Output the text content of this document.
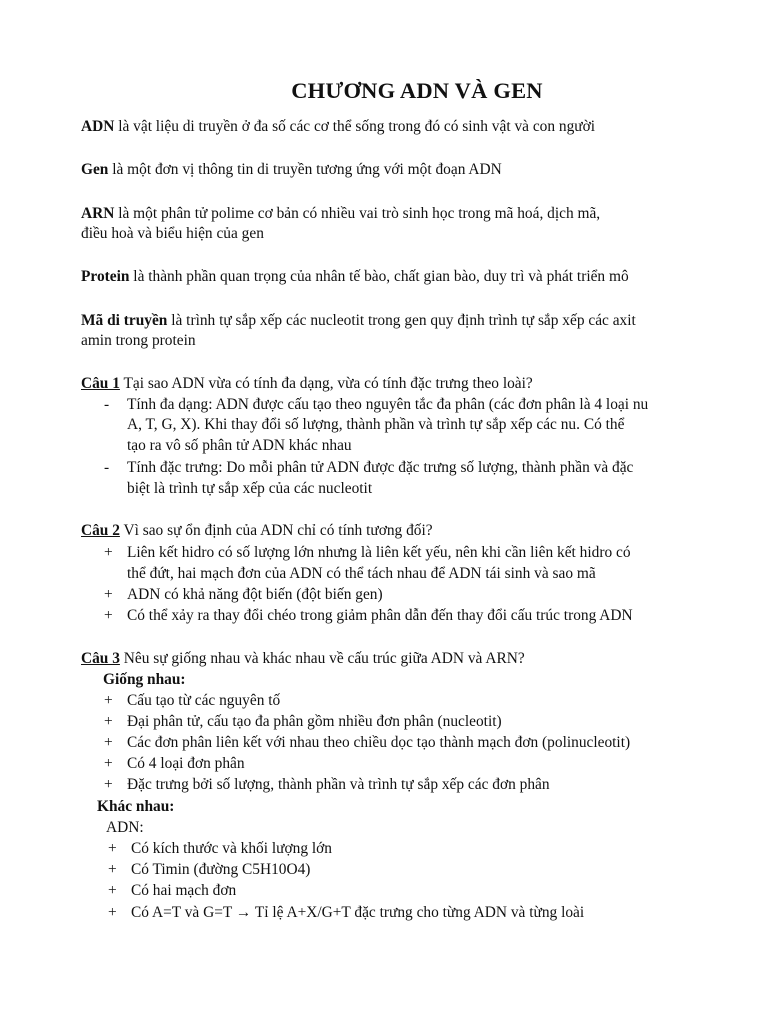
CHƯƠNG ADN VÀ GEN
ADN là vật liệu di truyền ở đa số các cơ thể sống trong đó có sinh vật và con người
Gen là một đơn vị thông tin di truyền tương ứng với một đoạn ADN
ARN là một phân tử polime cơ bản có nhiều vai trò sinh học trong mã hoá, dịch mã,
điều hoà và biểu hiện của gen
Protein là thành phần quan trọng của nhân tế bào, chất gian bào, duy trì và phát triển mô
Mã di truyền là trình tự sắp xếp các nucleotit trong gen quy định trình tự sắp xếp các axit
amin trong protein
Câu 1 Tại sao ADN vừa có tính đa dạng, vừa có tính đặc trưng theo loài?
- Tính đa dạng: ADN được cấu tạo theo nguyên tắc đa phân (các đơn phân là 4 loại nu
A, T, G, X). Khi thay đổi số lượng, thành phần và trình tự sắp xếp các nu. Có thể
tạo ra vô số phân tử ADN khác nhau
- Tính đặc trưng: Do mỗi phân tử ADN được đặc trưng số lượng, thành phần và đặc
biệt là trình tự sắp xếp của các nucleotit
Câu 2 Vì sao sự ổn định của ADN chỉ có tính tương đối?
+ Liên kết hidro có số lượng lớn nhưng là liên kết yếu, nên khi cần liên kết hidro có
thể đứt, hai mạch đơn của ADN có thể tách nhau để ADN tái sinh và sao mã
+ ADN có khả năng đột biến (đột biến gen)
+ Có thể xảy ra thay đổi chéo trong giảm phân dẫn đến thay đổi cấu trúc trong ADN
Câu 3 Nêu sự giống nhau và khác nhau về cấu trúc giữa ADN và ARN?
Giống nhau:
+ Cấu tạo từ các nguyên tố
+ Đại phân tử, cấu tạo đa phân gồm nhiều đơn phân (nucleotit)
+ Các đơn phân liên kết với nhau theo chiều dọc tạo thành mạch đơn (polinucleotit)
+ Có 4 loại đơn phân
+ Đặc trưng bởi số lượng, thành phần và trình tự sắp xếp các đơn phân
Khác nhau:
ADN:
+ Có kích thước và khối lượng lớn
+ Có Timin (đường C5H10O4)
+ Có hai mạch đơn
+ Có A=T và G=T → Tỉ lệ A+X/G+T đặc trưng cho từng ADN và từng loài
